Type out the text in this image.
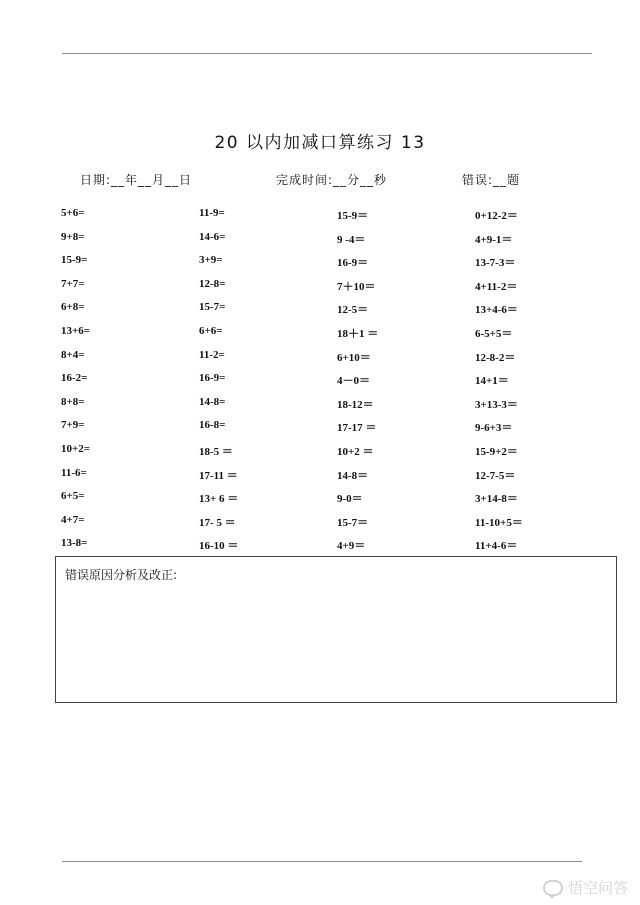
20 以内加减口算练习 13
日期:__年__月__日	完成时间:__分__秒	错误:__题
5+6=	11-9=	15-9＝	0+12-2＝
9+8=	14-6=	9 -4＝	4+9-1＝
15-9=	3+9=	16-9＝	13-7-3＝
7+7=	12-8=	7＋10＝	4+11-2＝
6+8=	15-7=	12-5＝	13+4-6＝
13+6=	6+6=	18＋1 ＝	6-5+5＝
8+4=	11-2=	6+10＝	12-8-2＝
16-2=	16-9=	4－0＝	14+1＝
8+8=	14-8=	18-12＝	3+13-3＝
7+9=	16-8=	17-17 ＝	9-6+3＝
10+2=	18-5 ＝	10+2 ＝	15-9+2＝
11-6=	17-11 ＝	14-8＝	12-7-5＝
6+5=	13+ 6 ＝	9-0＝	3+14-8＝
4+7=	17- 5 ＝	15-7＝	11-10+5＝
13-8=	16-10 ＝	4+9＝	11+4-6＝
错误原因分析及改正:
悟空问答
